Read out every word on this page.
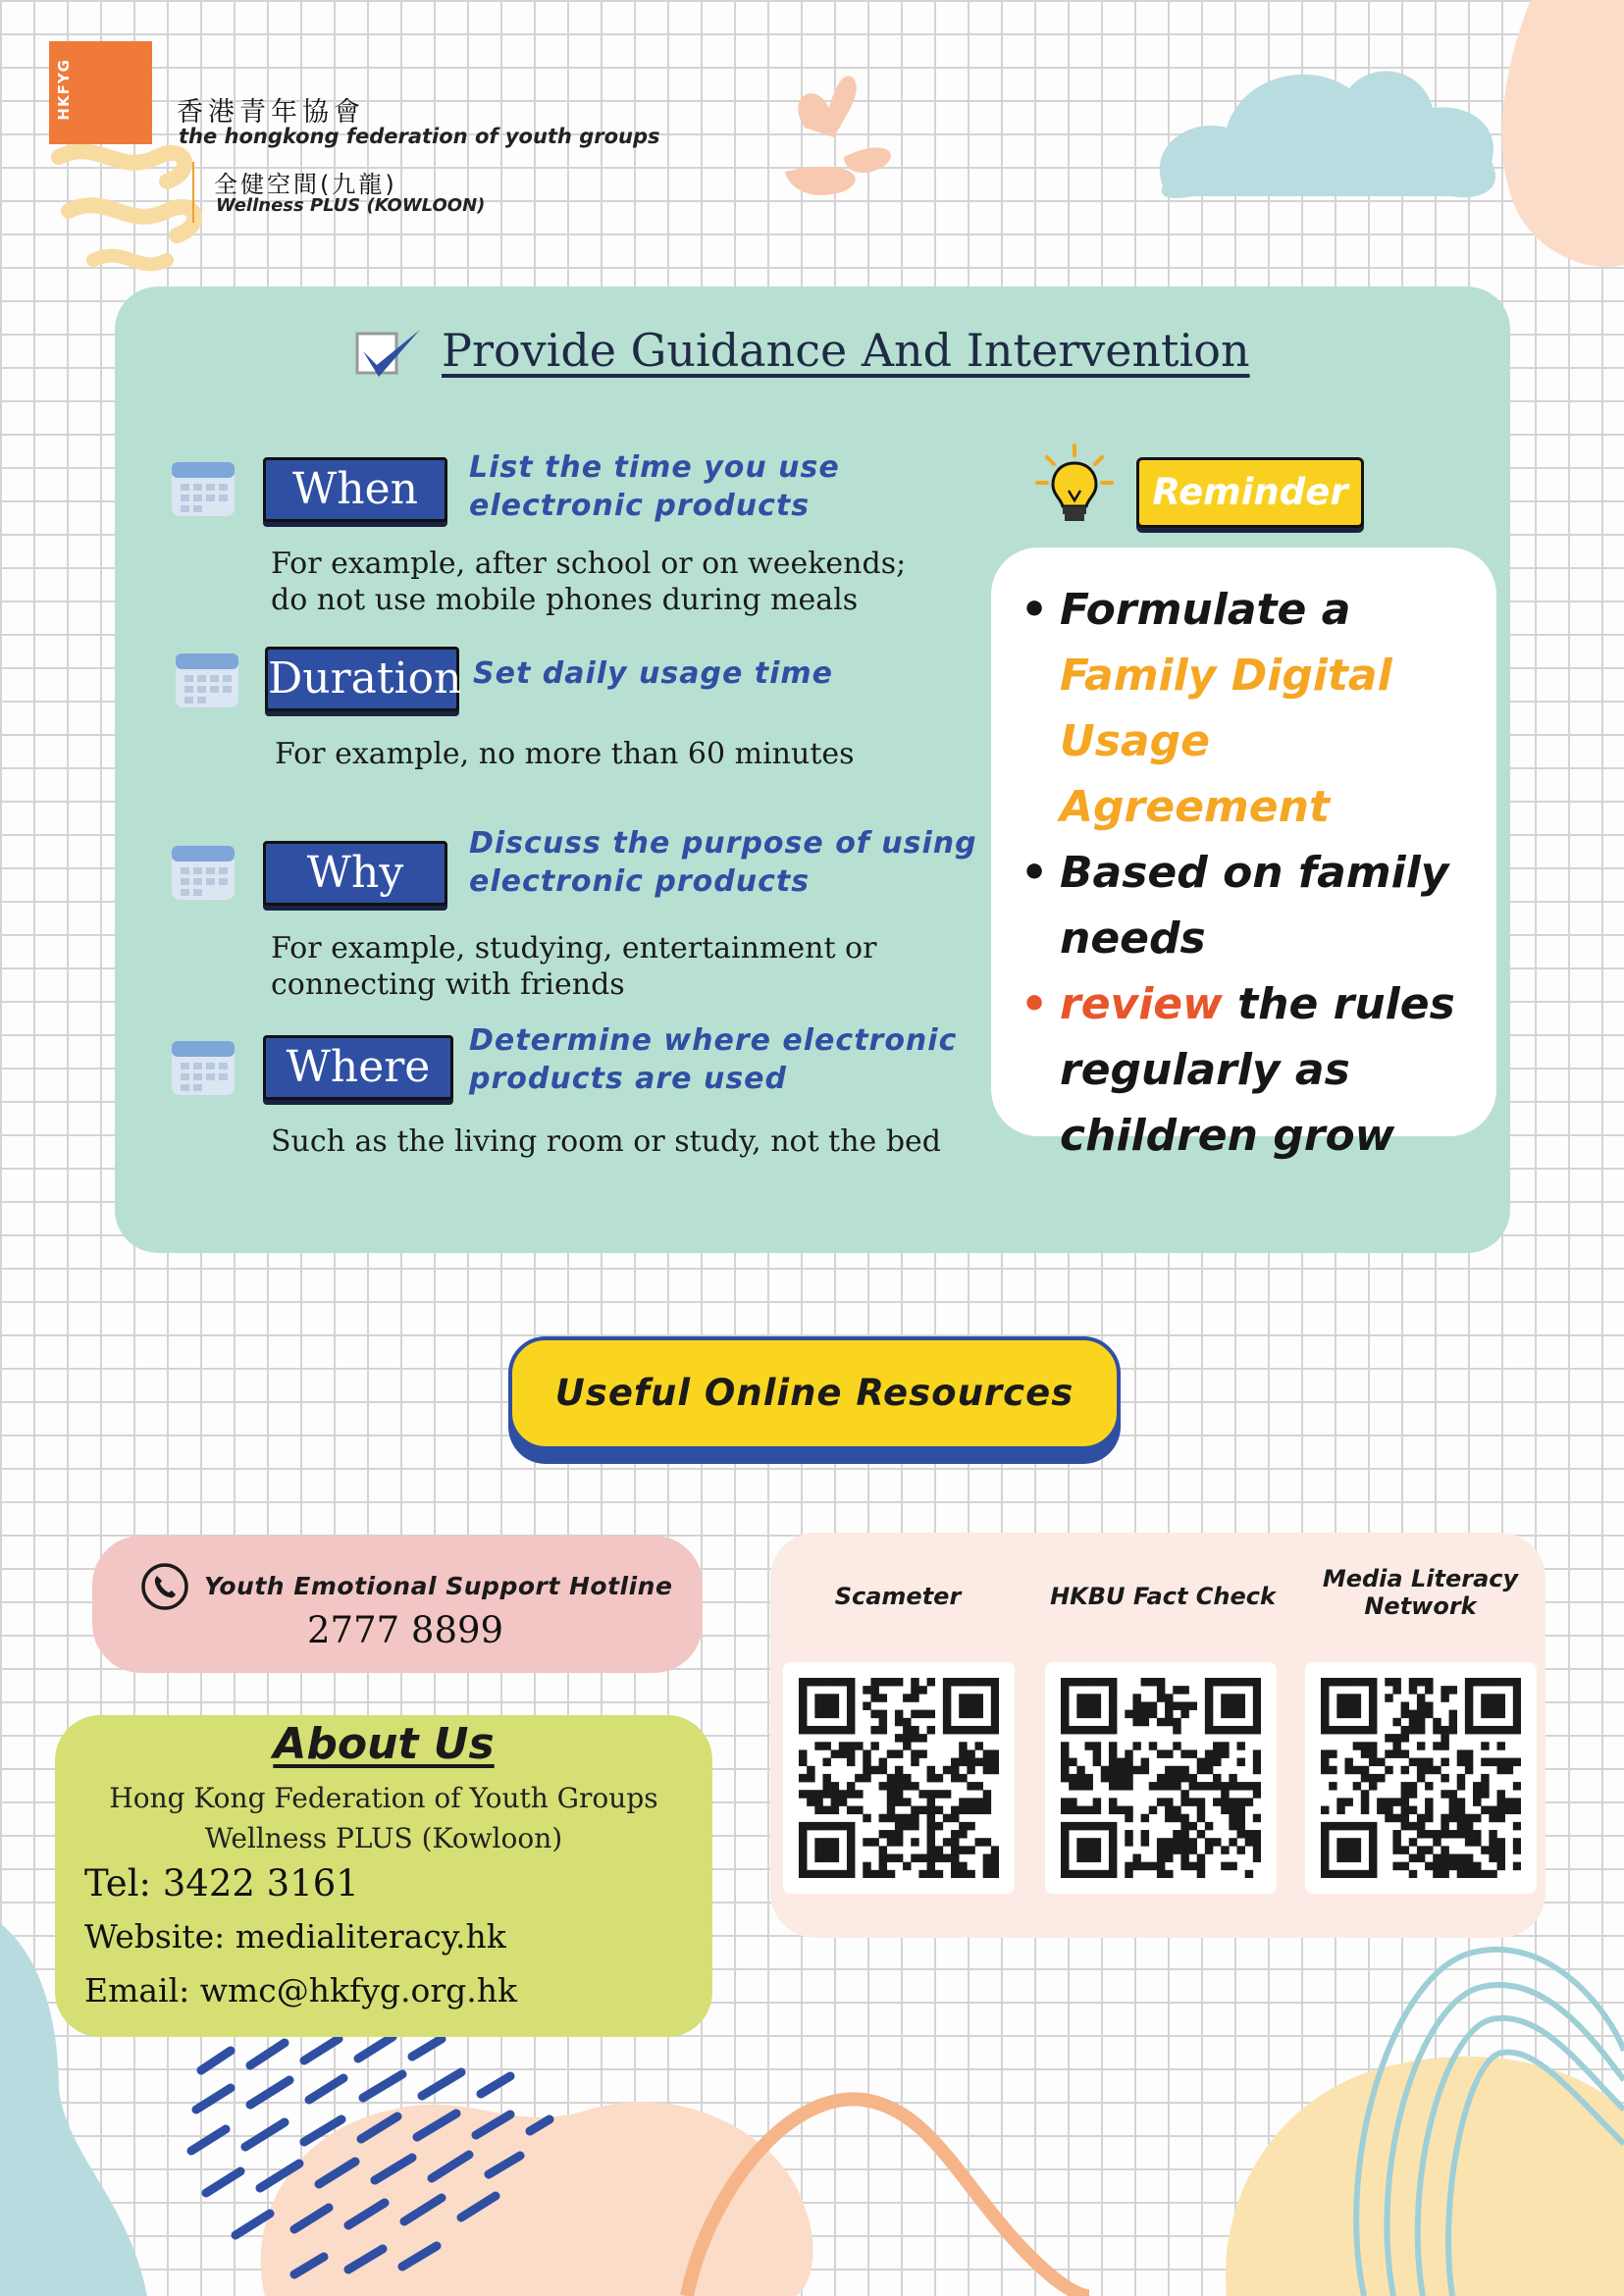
HKFYG	香港青年協會
the hongkong federation of youth groups
全健空間(九龍)
Wellness PLUS (KOWLOON)
Provide Guidance And Intervention
When	List the time you use
electronic products
For example, after school or on weekends;
do not use mobile phones during meals
Duration Set daily usage time
For example, no more than 60 minutes
Why
Discuss the purpose of using
electronic products
For example, studying, entertainment or
connecting with friends
Where
Determine where electronic
products are used
Such as the living room or study, not the bed
Reminder
• Formulate a
Family Digital
Usage Agreement
• Based on family
needs
• review the rules
regularly as
children grow
Useful Online Resources
Youth Emotional Support Hotline
2777 8899
About Us
Hong Kong Federation of Youth Groups
Wellness PLUS (Kowloon)
Tel: 3422 3161
Website: medialiteracy.hk
Email: wmc@hkfyg.org.hk
Scameter	HKBU Fact Check
Media Literacy
Network
